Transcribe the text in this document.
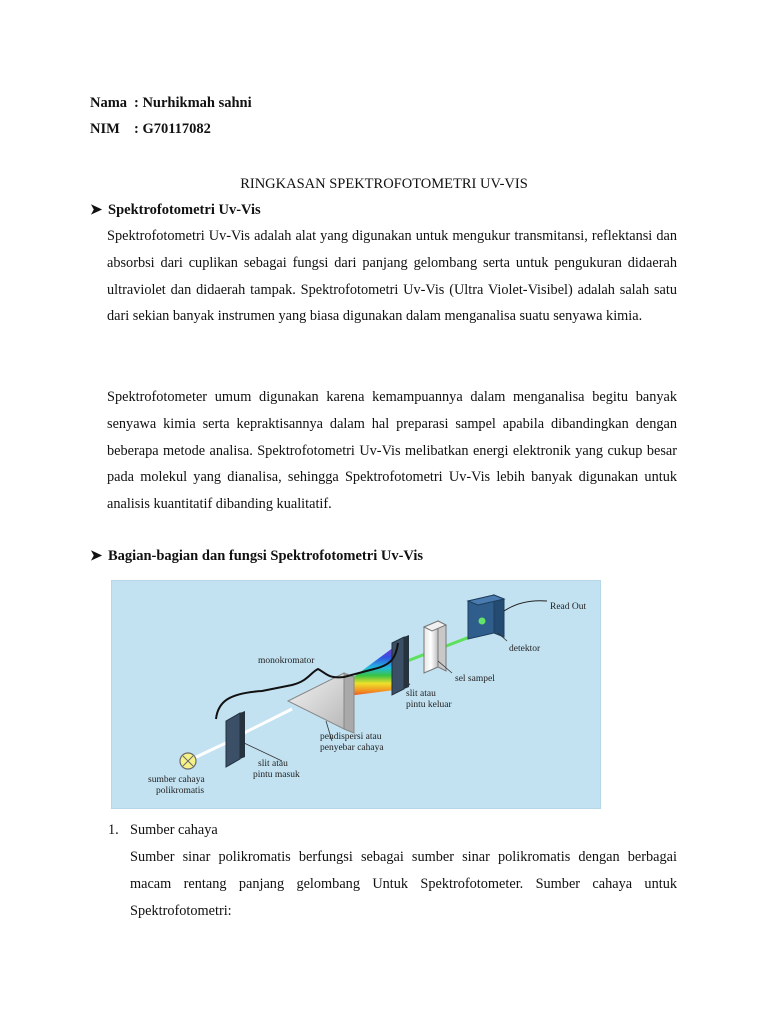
Nama : Nurhikmah sahni
NIM : G70117082
RINGKASAN SPEKTROFOTOMETRI UV-VIS
➤ Spektrofotometri Uv-Vis
Spektrofotometri Uv-Vis adalah alat yang digunakan untuk mengukur transmitansi, reflektansi dan absorbsi dari cuplikan sebagai fungsi dari panjang gelombang serta untuk pengukuran didaerah ultraviolet dan didaerah tampak. Spektrofotometri Uv-Vis (Ultra Violet-Visibel) adalah salah satu dari sekian banyak instrumen yang biasa digunakan dalam menganalisa suatu senyawa kimia.
Spektrofotometer umum digunakan karena kemampuannya dalam menganalisa begitu banyak senyawa kimia serta kepraktisannya dalam hal preparasi sampel apabila dibandingkan dengan beberapa metode analisa. Spektrofotometri Uv-Vis melibatkan energi elektronik yang cukup besar pada molekul yang dianalisa, sehingga Spektrofotometri Uv-Vis lebih banyak digunakan untuk analisis kuantitatif dibanding kualitatif.
➤ Bagian-bagian dan fungsi Spektrofotometri Uv-Vis
Read Out
detektor
monokromator
sel sampel
slit atau
pintu keluar
pendispersi atau
penyebar cahaya
slit atau
pintu masuk
sumber cahaya
polikromatis
1. Sumber cahaya
Sumber sinar polikromatis berfungsi sebagai sumber sinar polikromatis dengan berbagai macam rentang panjang gelombang Untuk Spektrofotometer. Sumber cahaya untuk Spektrofotometri:
